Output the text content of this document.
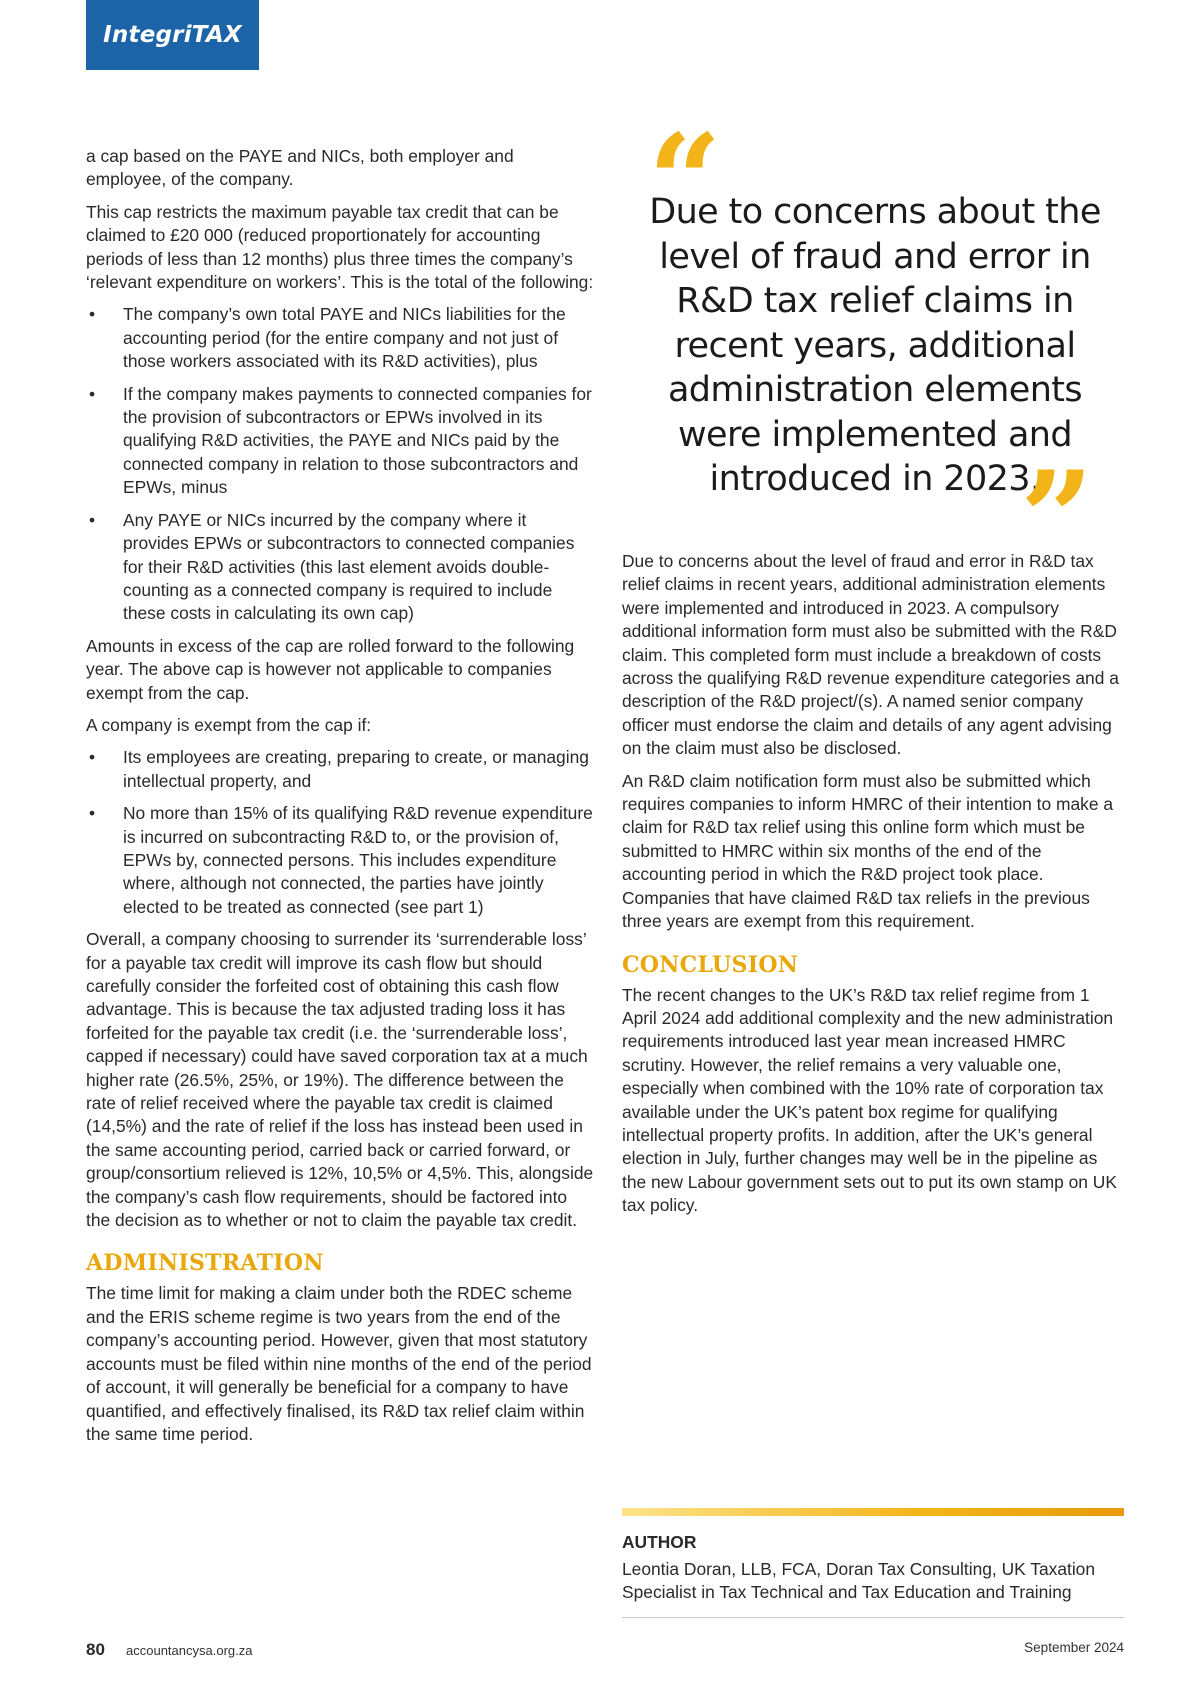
IntegriTAX

a cap based on the PAYE and NICs, both employer and employee, of the company.

This cap restricts the maximum payable tax credit that can be claimed to £20 000 (reduced proportionately for accounting periods of less than 12 months) plus three times the company’s ‘relevant expenditure on workers’. This is the total of the following:

• The company’s own total PAYE and NICs liabilities for the accounting period (for the entire company and not just of those workers associated with its R&D activities), plus
• If the company makes payments to connected companies for the provision of subcontractors or EPWs involved in its qualifying R&D activities, the PAYE and NICs paid by the connected company in relation to those subcontractors and EPWs, minus
• Any PAYE or NICs incurred by the company where it provides EPWs or subcontractors to connected companies for their R&D activities (this last element avoids double-counting as a connected company is required to include these costs in calculating its own cap)

Amounts in excess of the cap are rolled forward to the following year. The above cap is however not applicable to companies exempt from the cap.

A company is exempt from the cap if:

• Its employees are creating, preparing to create, or managing intellectual property, and
• No more than 15% of its qualifying R&D revenue expenditure is incurred on subcontracting R&D to, or the provision of, EPWs by, connected persons. This includes expenditure where, although not connected, the parties have jointly elected to be treated as connected (see part 1)

Overall, a company choosing to surrender its ‘surrenderable loss’ for a payable tax credit will improve its cash flow but should carefully consider the forfeited cost of obtaining this cash flow advantage. This is because the tax adjusted trading loss it has forfeited for the payable tax credit (i.e. the ‘surrenderable loss’, capped if necessary) could have saved corporation tax at a much higher rate (26.5%, 25%, or 19%). The difference between the rate of relief received where the payable tax credit is claimed (14,5%) and the rate of relief if the loss has instead been used in the same accounting period, carried back or carried forward, or group/consortium relieved is 12%, 10,5% or 4,5%. This, alongside the company’s cash flow requirements, should be factored into the decision as to whether or not to claim the payable tax credit.

ADMINISTRATION

The time limit for making a claim under both the RDEC scheme and the ERIS scheme regime is two years from the end of the company’s accounting period. However, given that most statutory accounts must be filed within nine months of the end of the period of account, it will generally be beneficial for a company to have quantified, and effectively finalised, its R&D tax relief claim within the same time period.

“
Due to concerns about the level of fraud and error in R&D tax relief claims in recent years, additional administration elements were implemented and introduced in 2023.
”

Due to concerns about the level of fraud and error in R&D tax relief claims in recent years, additional administration elements were implemented and introduced in 2023. A compulsory additional information form must also be submitted with the R&D claim. This completed form must include a breakdown of costs across the qualifying R&D revenue expenditure categories and a description of the R&D project/(s). A named senior company officer must endorse the claim and details of any agent advising on the claim must also be disclosed.

An R&D claim notification form must also be submitted which requires companies to inform HMRC of their intention to make a claim for R&D tax relief using this online form which must be submitted to HMRC within six months of the end of the accounting period in which the R&D project took place. Companies that have claimed R&D tax reliefs in the previous three years are exempt from this requirement.

CONCLUSION

The recent changes to the UK’s R&D tax relief regime from 1 April 2024 add additional complexity and the new administration requirements introduced last year mean increased HMRC scrutiny. However, the relief remains a very valuable one, especially when combined with the 10% rate of corporation tax available under the UK’s patent box regime for qualifying intellectual property profits. In addition, after the UK’s general election in July, further changes may well be in the pipeline as the new Labour government sets out to put its own stamp on UK tax policy.

AUTHOR
Leontia Doran, LLB, FCA, Doran Tax Consulting, UK Taxation Specialist in Tax Technical and Tax Education and Training
80 accountancysa.org.za	September 2024
